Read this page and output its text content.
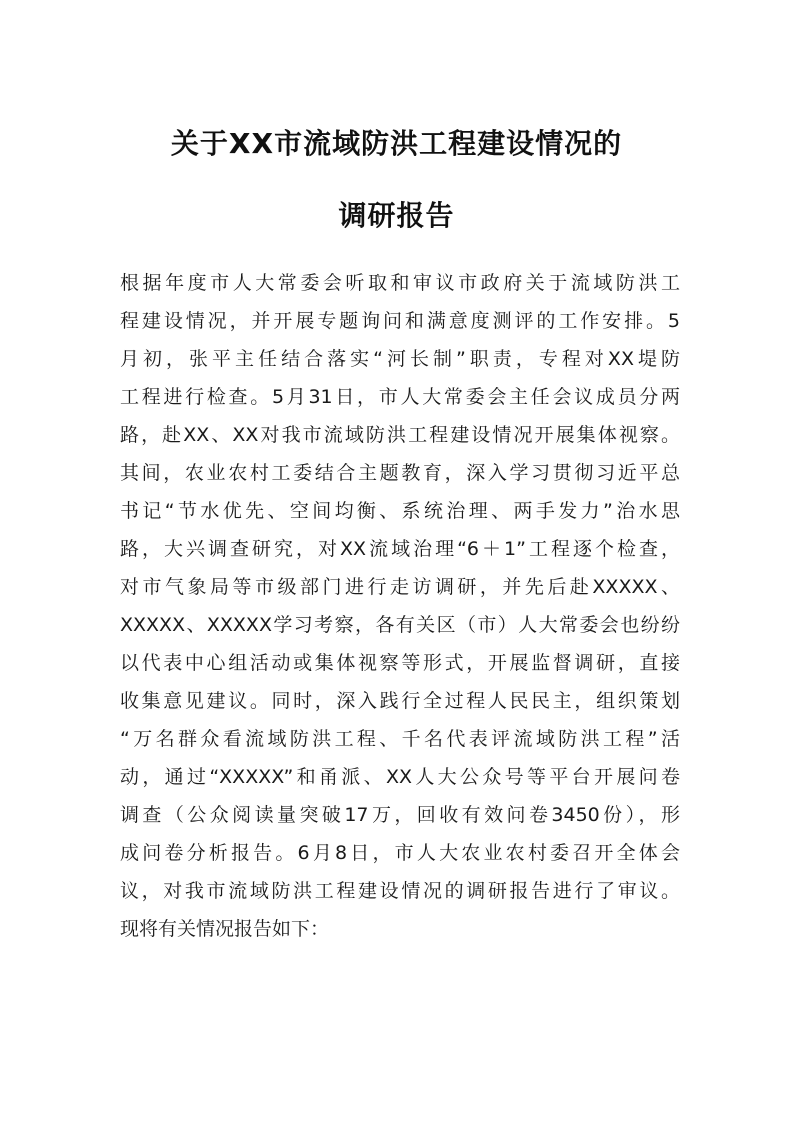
关于XX市流域防洪工程建设情况的
调研报告
根据年度市人大常委会听取和审议市政府关于流域防洪工
程建设情况，并开展专题询问和满意度测评的工作安排。5
月初，张平主任结合落实“河长制”职责，专程对XX堤防
工程进行检查。5月31日，市人大常委会主任会议成员分两
路，赴XX、XX对我市流域防洪工程建设情况开展集体视察。
其间，农业农村工委结合主题教育，深入学习贯彻习近平总
书记“节水优先、空间均衡、系统治理、两手发力”治水思
路，大兴调查研究，对XX流域治理“6＋1”工程逐个检查，
对市气象局等市级部门进行走访调研，并先后赴XXXXX、
XXXXX、XXXXX学习考察，各有关区（市）人大常委会也纷纷
以代表中心组活动或集体视察等形式，开展监督调研，直接
收集意见建议。同时，深入践行全过程人民民主，组织策划
“万名群众看流域防洪工程、千名代表评流域防洪工程”活
动，通过“XXXXX”和甬派、XX人大公众号等平台开展问卷
调查（公众阅读量突破17万，回收有效问卷3450份），形
成问卷分析报告。6月8日，市人大农业农村委召开全体会
议，对我市流域防洪工程建设情况的调研报告进行了审议。
现将有关情况报告如下：
